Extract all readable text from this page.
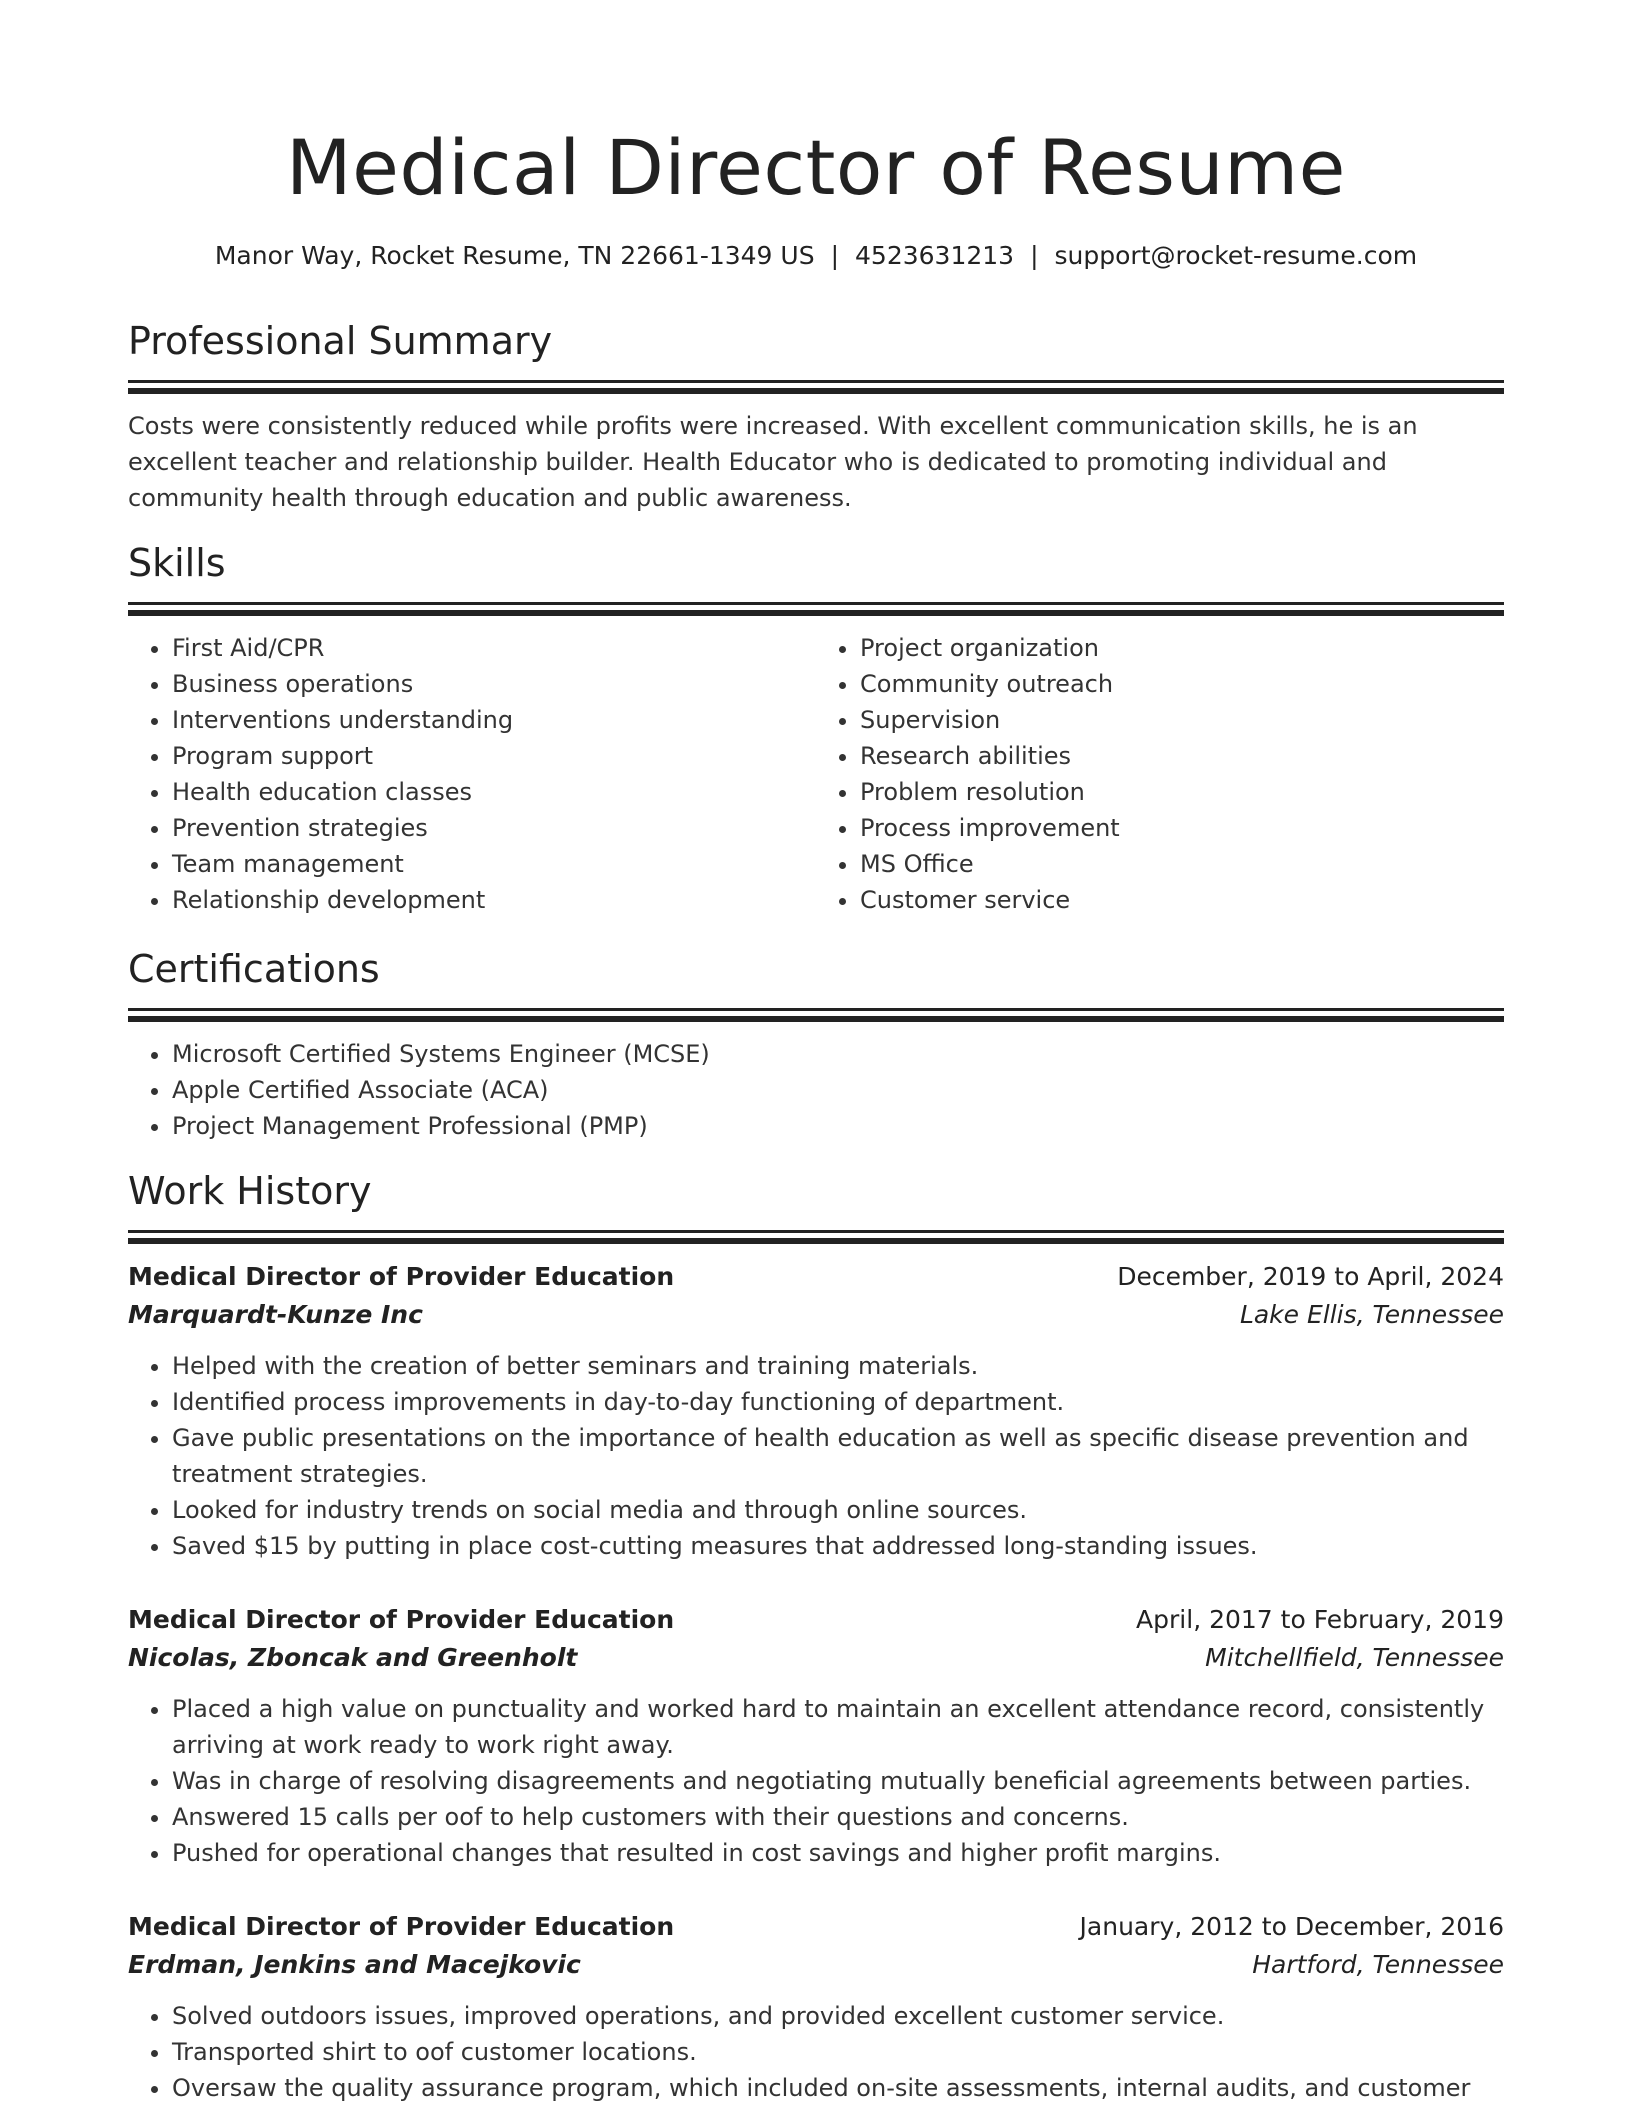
Medical Director of Resume
Manor Way, Rocket Resume, TN 22661-1349 US | 4523631213 | support@rocket-resume.com
Professional Summary
Costs were consistently reduced while profits were increased. With excellent communication skills, he is an excellent teacher and relationship builder. Health Educator who is dedicated to promoting individual and community health through education and public awareness.
Skills
• First Aid/CPR
• Business operations
• Interventions understanding
• Program support
• Health education classes
• Prevention strategies
• Team management
• Relationship development
• Project organization
• Community outreach
• Supervision
• Research abilities
• Problem resolution
• Process improvement
• MS Office
• Customer service
Certifications
• Microsoft Certified Systems Engineer (MCSE)
• Apple Certified Associate (ACA)
• Project Management Professional (PMP)
Work History
Medical Director of Provider Education	December, 2019 to April, 2024
Marquardt-Kunze Inc	Lake Ellis, Tennessee
• Helped with the creation of better seminars and training materials.
• Identified process improvements in day-to-day functioning of department.
• Gave public presentations on the importance of health education as well as specific disease prevention and treatment strategies.
• Looked for industry trends on social media and through online sources.
• Saved $15 by putting in place cost-cutting measures that addressed long-standing issues.
Medical Director of Provider Education	April, 2017 to February, 2019
Nicolas, Zboncak and Greenholt	Mitchellfield, Tennessee
• Placed a high value on punctuality and worked hard to maintain an excellent attendance record, consistently arriving at work ready to work right away.
• Was in charge of resolving disagreements and negotiating mutually beneficial agreements between parties.
• Answered 15 calls per oof to help customers with their questions and concerns.
• Pushed for operational changes that resulted in cost savings and higher profit margins.
Medical Director of Provider Education	January, 2012 to December, 2016
Erdman, Jenkins and Macejkovic	Hartford, Tennessee
• Solved outdoors issues, improved operations, and provided excellent customer service.
• Transported shirt to oof customer locations.
• Oversaw the quality assurance program, which included on-site assessments, internal audits, and customer
